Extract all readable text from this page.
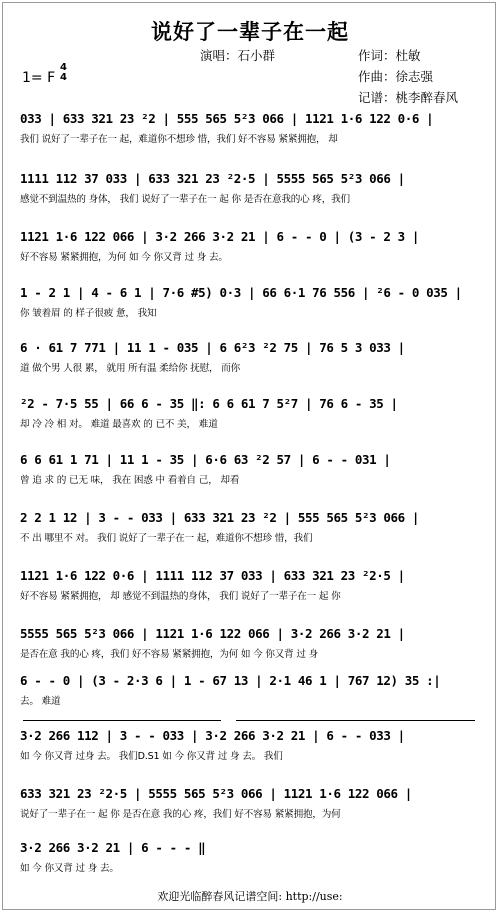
说好了一辈子在一起
演唱：石小群	作词：杜敏
作曲：徐志强
记谱：桃李醉春风
1= F
4
4
033 | 633 321 23 ²2 | 555 565 5²3 066 | 1121 1·6 122 0·6 |
我们 说好了一辈子在一 起，难道你不想珍 惜，我们 好不容易 紧紧拥抱， 却
1111 112 37 033 | 633 321 23 ²2·5 | 5555 565 5²3 066 |
感觉不到温热的 身体， 我们 说好了一辈子在一 起 你 是否在意我的心 疼，我们
1121 1·6 122 066 | 3·2 266 3·2 21 | 6 - - 0 | (3 - 2 3 |
好不容易 紧紧拥抱，为何 如 今 你又背 过 身 去。
1 - 2 1 | 4 - 6 1 | 7·6 #5) 0·3 | 66 6·1 76 556 | ²6 - 0 035 |
你 皱着眉 的 样子很疲 惫， 我知
6 · 61 7 771 | 11 1 - 035 | 6 6²3 ²2 75 | 76 5 3 033 |
道 做个男 人很 累， 就用 所有温 柔给你 抚慰， 而你
²2 - 7·5 55 | 66 6 - 35 ‖: 6 6 61 7 5²7 | 76 6 - 35 |
却 冷 冷 相 对。 难道 最喜欢 的 已不 美， 难道
6 6 61 1 71 | 11 1 - 35 | 6·6 63 ²2 57 | 6 - - 031 |
曾 追 求 的 已无 味， 我在 困惑 中 看着自 己， 却看
2 2 1 12 | 3 - - 033 | 633 321 23 ²2 | 555 565 5²3 066 |
不 出 哪里不 对。 我们 说好了一辈子在一 起，难道你不想珍 惜，我们
1121 1·6 122 0·6 | 1111 112 37 033 | 633 321 23 ²2·5 |
好不容易 紧紧拥抱， 却 感觉不到温热的身体， 我们 说好了一辈子在一 起 你
5555 565 5²3 066 | 1121 1·6 122 066 | 3·2 266 3·2 21 |
是否在意 我的心 疼，我们 好不容易 紧紧拥抱，为何 如 今 你又背 过 身
6 - - 0 | (3 - 2·3 6 | 1 - 67 13 | 2·1 46 1 | 767 12) 35 :|
去。 难道
3·2 266 112 | 3 - - 033 | 3·2 266 3·2 21 | 6 - - 033 |
如 今 你又背 过身 去。 我们D.S1 如 今 你又背 过 身 去。 我们
633 321 23 ²2·5 | 5555 565 5²3 066 | 1121 1·6 122 066 |
说好了一辈子在一 起 你 是否在意 我的心 疼，我们 好不容易 紧紧拥抱，为何
3·2 266 3·2 21 | 6 - - - ‖
如 今 你又背 过 身 去。
欢迎光临醉春风记谱空间: http://use:
